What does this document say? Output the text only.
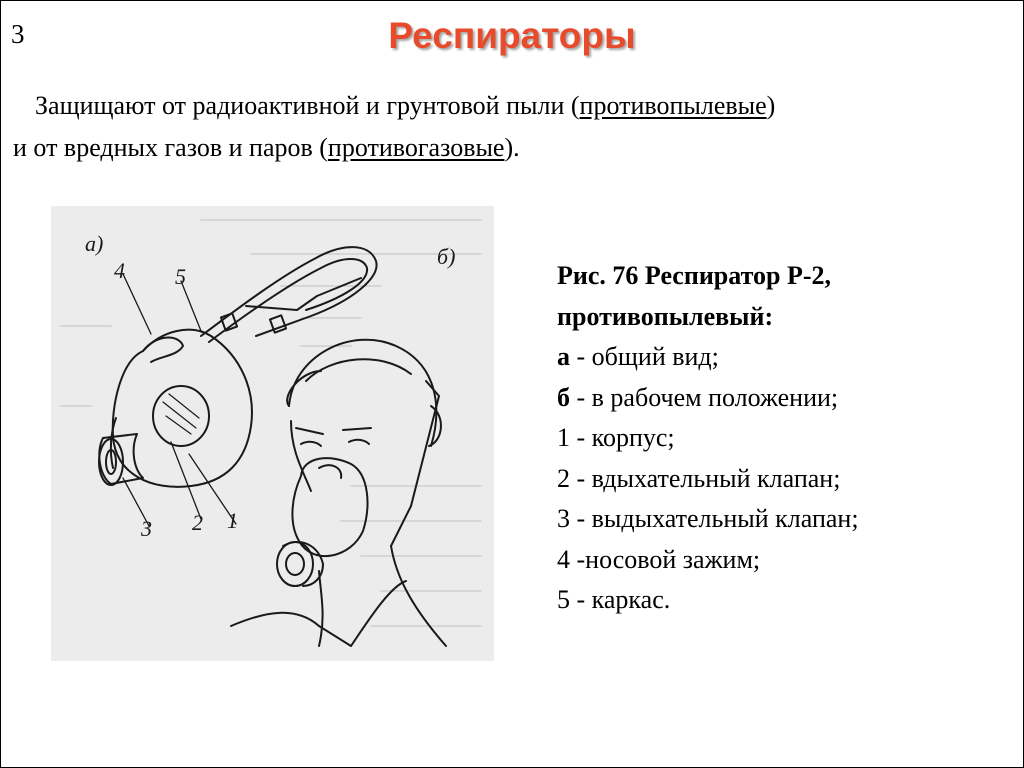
3	Респираторы
Защищают от радиоактивной и грунтовой пыли (противопылевые)
и от вредных газов и паров (противогазовые).
а)
б)
4 5
3 2 1
Рис. 76 Респиратор Р-2,
противопылевый:
а - общий вид;
б - в рабочем положении;
1 - корпус;
2 - вдыхательный клапан;
3 - выдыхательный клапан;
4 -носовой зажим;
5 - каркас.
